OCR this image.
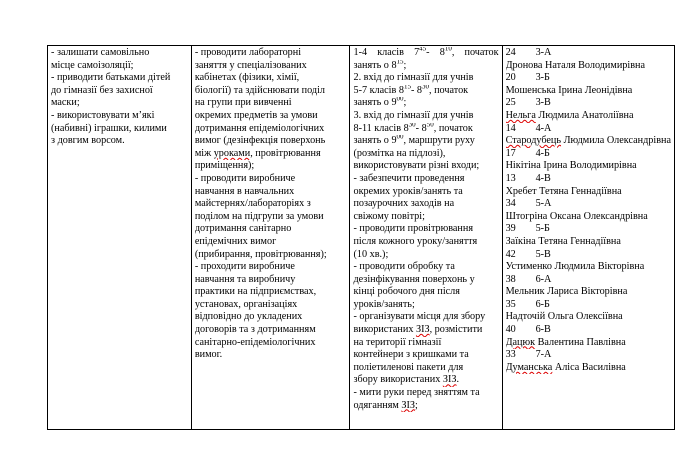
- залишати самовільно
місце самоізоляції;
- приводити батьками дітей
до гімназії без захисної
маски;
- використовувати м’які
(набивні) іграшки, килими
з довгим ворсом.

- проводити лабораторні
заняття у спеціалізованих
кабінетах (фізики, хімії,
біології) та здійснювати поділ
на групи при вивченні
окремих предметів за умови
дотримання епідеміологічних
вимог (дезінфекція поверхонь
між уроками, провітрювання
приміщення);
- проводити виробниче
навчання в навчальних
майстернях/лабораторіях з
поділом на підгрупи за умови
дотримання санітарно
епідемічних вимог
(прибирання, провітрювання);
- проходити виробниче
навчання та виробничу
практики на підприємствах,
установах, організаціях
відповідно до укладених
договорів та з дотриманням
санітарно-епідеміологічних
вимог.

1-4 класів $7^{45}-$ $8^{10}$, початок
занять о $8^{15}$;
2. вхід до гімназії для учнів
5-7 класів $8^{15}-$ $8^{30}$, початок
занять о $9^{00}$;
3. вхід до гімназії для учнів
8-11 класів $8^{30}-$ $8^{50}$, початок
занять о $9^{00}$, маршрути руху
(розмітка на підлозі),
використовувати різні входи;
- забезпечити проведення
окремих уроків/занять та
позаурочних заходів на
свіжому повітрі;
- проводити провітрювання
після кожного уроку/заняття
(10 хв.);
- проводити обробку та
дезінфікування поверхонь у
кінці робочого дня після
уроків/занять;
- організувати місця для збору
використаних ЗІЗ, розмістити
на території гімназії
контейнери з кришками та
поліетиленові пакети для
збору використаних ЗІЗ.
- мити руки перед зняттям та
одяганням ЗІЗ;

24 3-А
Дронова Наталя Володимирівна
20 3-Б
Мошенська Ірина Леонідівна
25 3-В
Нельга Людмила Анатоліївна
14 4-А
Стародубець Людмила Олександрівна
17 4-Б
Нікітіна Ірина Володимирівна
13 4-В
Хребет Тетяна Геннадіївна
34 5-А
Штогріна Оксана Олександрівна
39 5-Б
Заїкіна Тетяна Геннадіївна
42 5-В
Устименко Людмила Вікторівна
38 6-А
Мельник Лариса Вікторівна
35 6-Б
Надточій Ольга Олексіївна
40 6-В
Дацюк Валентина Павлівна
33 7-А
Думанська Аліса Василівна
